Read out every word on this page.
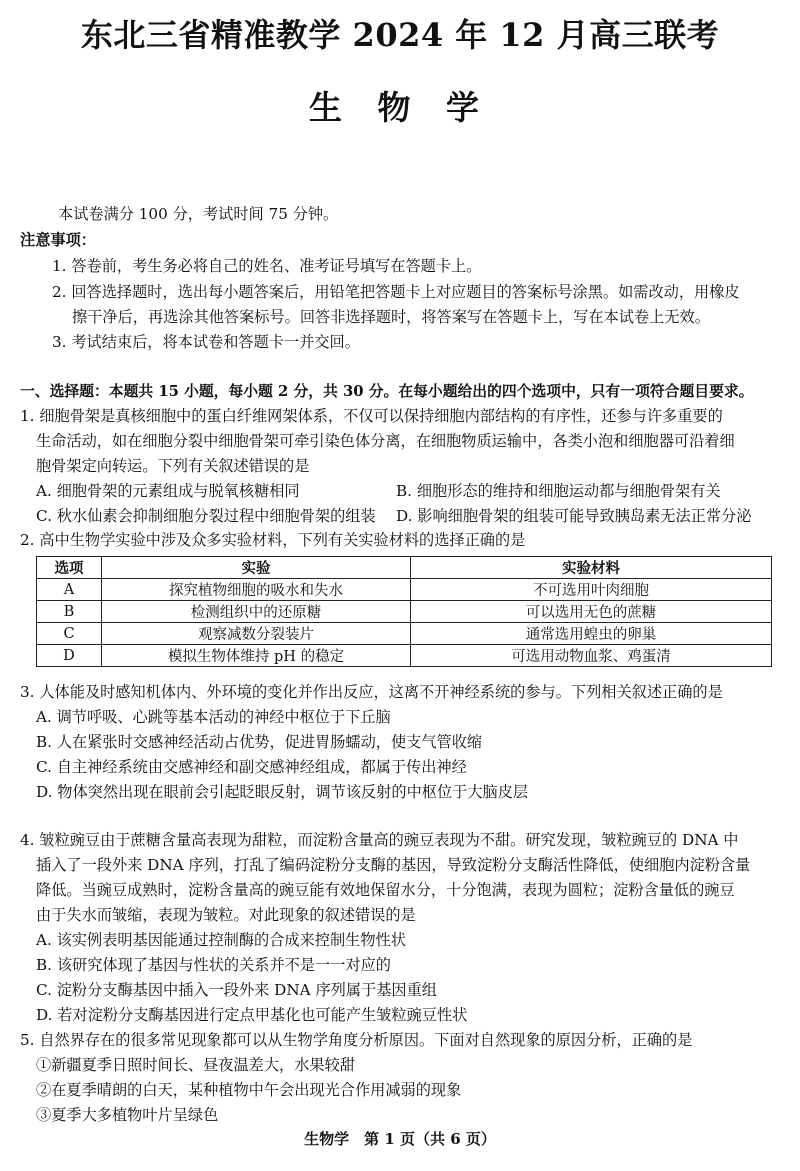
东北三省精准教学 2024 年 12 月高三联考
生 物 学
本试卷满分 100 分，考试时间 75 分钟。
注意事项：
1. 答卷前，考生务必将自己的姓名、准考证号填写在答题卡上。
2. 回答选择题时，选出每小题答案后，用铅笔把答题卡上对应题目的答案标号涂黑。如需改动，用橡皮
擦干净后，再选涂其他答案标号。回答非选择题时，将答案写在答题卡上，写在本试卷上无效。
3. 考试结束后，将本试卷和答题卡一并交回。
一、选择题：本题共 15 小题，每小题 2 分，共 30 分。在每小题给出的四个选项中，只有一项符合题目要求。
1. 细胞骨架是真核细胞中的蛋白纤维网架体系，不仅可以保持细胞内部结构的有序性，还参与许多重要的
生命活动，如在细胞分裂中细胞骨架可牵引染色体分离，在细胞物质运输中，各类小泡和细胞器可沿着细
胞骨架定向转运。下列有关叙述错误的是
A. 细胞骨架的元素组成与脱氧核糖相同	B. 细胞形态的维持和细胞运动都与细胞骨架有关
C. 秋水仙素会抑制细胞分裂过程中细胞骨架的组装 D. 影响细胞骨架的组装可能导致胰岛素无法正常分泌
2. 高中生物学实验中涉及众多实验材料，下列有关实验材料的选择正确的是
选项	实验	实验材料
A	探究植物细胞的吸水和失水	不可选用叶肉细胞
B	检测组织中的还原糖	可以选用无色的蔗糖
C	观察减数分裂装片	通常选用蝗虫的卵巢
D	模拟生物体维持 pH 的稳定	可选用动物血浆、鸡蛋清
3. 人体能及时感知机体内、外环境的变化并作出反应，这离不开神经系统的参与。下列相关叙述正确的是
A. 调节呼吸、心跳等基本活动的神经中枢位于下丘脑
B. 人在紧张时交感神经活动占优势，促进胃肠蠕动，使支气管收缩
C. 自主神经系统由交感神经和副交感神经组成，都属于传出神经
D. 物体突然出现在眼前会引起眨眼反射，调节该反射的中枢位于大脑皮层
4. 皱粒豌豆由于蔗糖含量高表现为甜粒，而淀粉含量高的豌豆表现为不甜。研究发现，皱粒豌豆的 DNA 中
插入了一段外来 DNA 序列，打乱了编码淀粉分支酶的基因，导致淀粉分支酶活性降低，使细胞内淀粉含量
降低。当豌豆成熟时，淀粉含量高的豌豆能有效地保留水分，十分饱满，表现为圆粒；淀粉含量低的豌豆
由于失水而皱缩，表现为皱粒。对此现象的叙述错误的是
A. 该实例表明基因能通过控制酶的合成来控制生物性状
B. 该研究体现了基因与性状的关系并不是一一对应的
C. 淀粉分支酶基因中插入一段外来 DNA 序列属于基因重组
D. 若对淀粉分支酶基因进行定点甲基化也可能产生皱粒豌豆性状
5. 自然界存在的很多常见现象都可以从生物学角度分析原因。下面对自然现象的原因分析，正确的是
①新疆夏季日照时间长、昼夜温差大，水果较甜
②在夏季晴朗的白天，某种植物中午会出现光合作用减弱的现象
③夏季大多植物叶片呈绿色
生物学　第 1 页（共 6 页）
